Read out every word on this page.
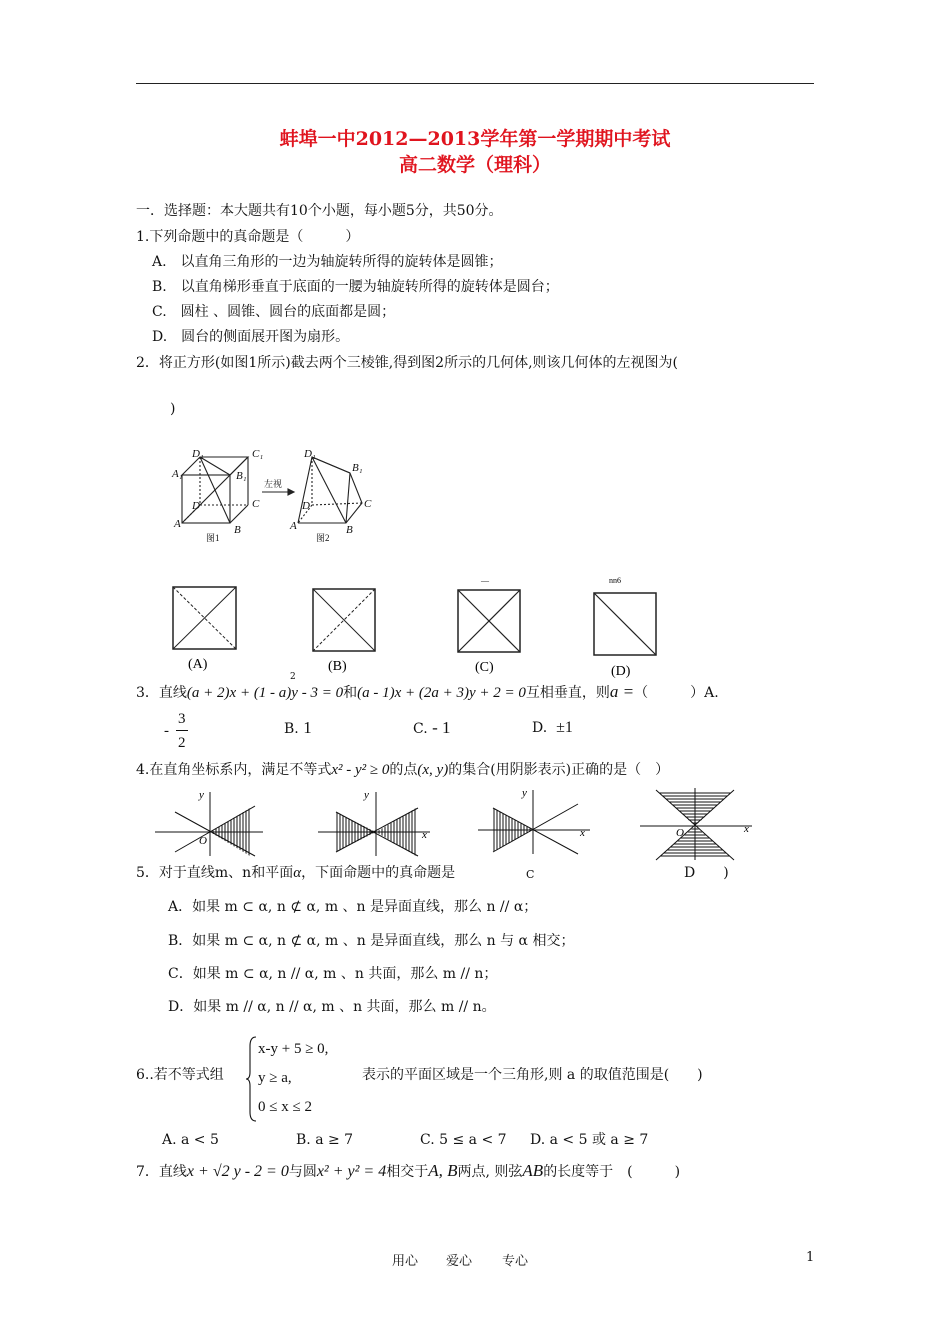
蚌埠一中2012—2013学年第一学期期中考试
高二数学（理科）
一．选择题：本大题共有10个小题，每小题5分，共50分。
1.下列命题中的真命题是（　　　）
A.　以直角三角形的一边为轴旋转所得的旋转体是圆锥；
B.　以直角梯形垂直于底面的一腰为轴旋转所得的旋转体是圆台；
C.　圆柱 、圆锥、圆台的底面都是圆；
D.　圆台的侧面展开图为扇形。
2．将正方形(如图1所示)截去两个三棱锥,得到图2所示的几何体,则该几何体的左视图为(
)
D₁	C₁
A₁	B₁
D	C
A	B
左视
D₁
B₁
D	C
A	B
图1	图2
(A)	(B)
—
(C)
nn6
(D)
2
3．直线(a + 2)x + (1 - a)y - 3 = 0和(a - 1)x + (2a + 3)y + 2 = 0互相垂直，则a =（　　　）A.
-
3
2
B. 1	C. - 1	D. ±1
4.在直角坐标系内，满足不等式x² - y² ≥ 0的点(x, y)的集合(用阴影表示)正确的是（　）
y
O
y
x
y
x	O	x
5．对于直线m、n和平面α，下面命题中的真命题是	C	D　　)
A．如果 m ⊂ α, n ⊄ α, m 、n 是异面直线，那么 n // α；
B．如果 m ⊂ α, n ⊄ α, m 、n 是异面直线，那么 n 与 α 相交；
C．如果 m ⊂ α, n // α, m 、n 共面，那么 m // n；
D．如果 m // α, n // α, m 、n 共面，那么 m // n。
6..若不等式组
x-y + 5 ≥ 0,
y ≥ a,
0 ≤ x ≤ 2
表示的平面区域是一个三角形,则 a 的取值范围是(　　)
A. a < 5	B. a ≥ 7	C. 5 ≤ a < 7 D. a < 5 或 a ≥ 7
7．直线x + √2 y - 2 = 0与圆x² + y² = 4相交于A, B两点, 则弦AB的长度等于　(　　　)
用心 爱心 专心	1
